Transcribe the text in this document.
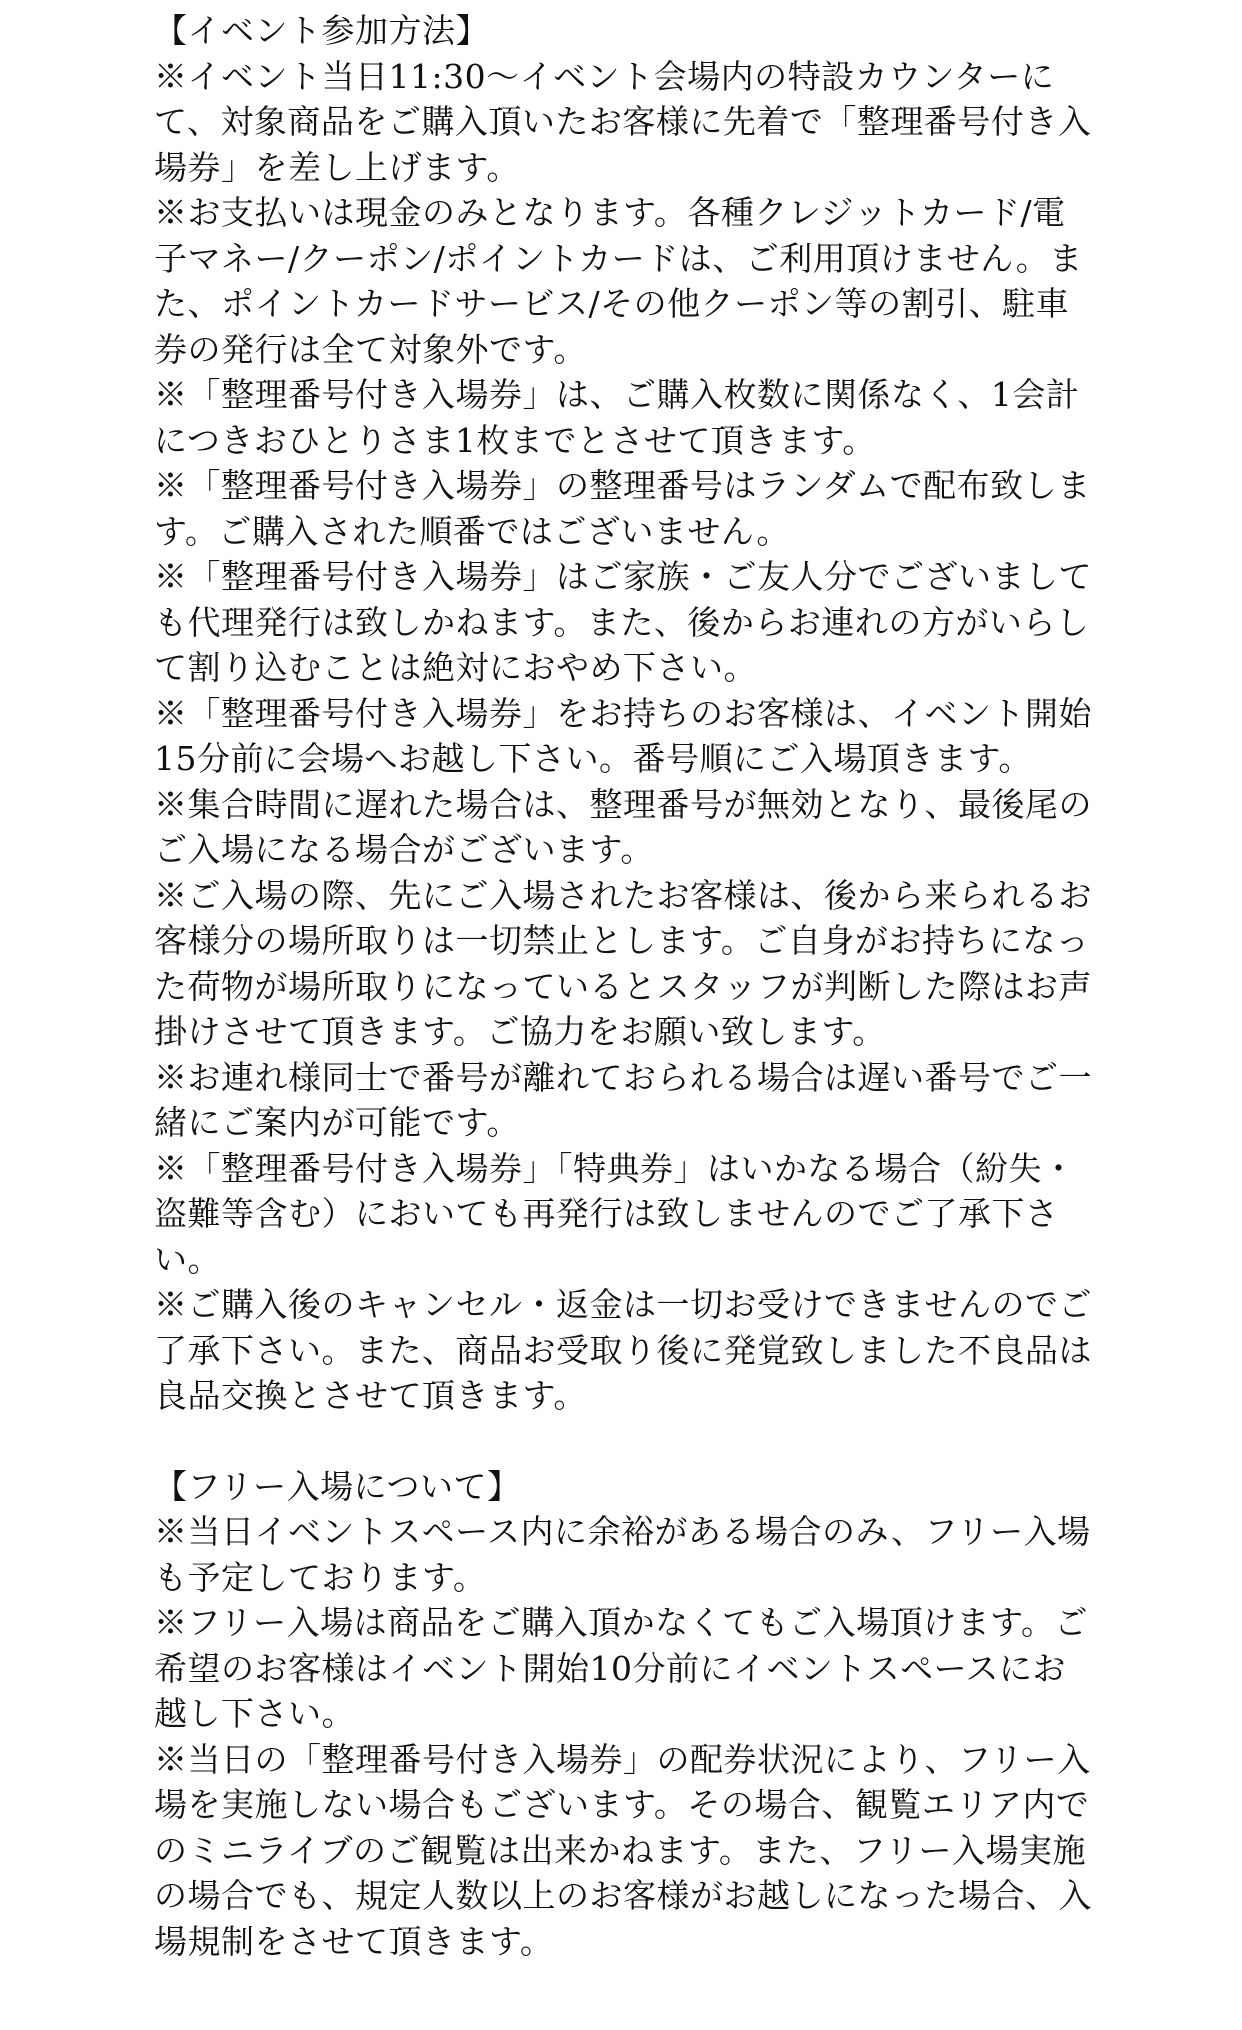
【イベント参加方法】

※イベント当日11:30〜イベント会場内の特設カウンターにて、対象商品をご購入頂いたお客様に先着で「整理番号付き入場券」を差し上げます。

※お支払いは現金のみとなります。各種クレジットカード/電子マネー/クーポン/ポイントカードは、ご利用頂けません。また、ポイントカードサービス/その他クーポン等の割引、駐車券の発行は全て対象外です。

※「整理番号付き入場券」は、ご購入枚数に関係なく、1会計につきおひとりさま1枚までとさせて頂きます。

※「整理番号付き入場券」の整理番号はランダムで配布致します。ご購入された順番ではございません。

※「整理番号付き入場券」はご家族・ご友人分でございましても代理発行は致しかねます。また、後からお連れの方がいらして割り込むことは絶対におやめ下さい。

※「整理番号付き入場券」をお持ちのお客様は、イベント開始15分前に会場へお越し下さい。番号順にご入場頂きます。

※集合時間に遅れた場合は、整理番号が無効となり、最後尾のご入場になる場合がございます。

※ご入場の際、先にご入場されたお客様は、後から来られるお客様分の場所取りは一切禁止とします。ご自身がお持ちになった荷物が場所取りになっているとスタッフが判断した際はお声掛けさせて頂きます。ご協力をお願い致します。

※お連れ様同士で番号が離れておられる場合は遅い番号でご一緒にご案内が可能です。

※「整理番号付き入場券」「特典券」はいかなる場合（紛失・盗難等含む）においても再発行は致しませんのでご了承下さい。

※ご購入後のキャンセル・返金は一切お受けできませんのでご了承下さい。また、商品お受取り後に発覚致しました不良品は良品交換とさせて頂きます。

【フリー入場について】

※当日イベントスペース内に余裕がある場合のみ、フリー入場も予定しております。

※フリー入場は商品をご購入頂かなくてもご入場頂けます。ご希望のお客様はイベント開始10分前にイベントスペースにお越し下さい。

※当日の「整理番号付き入場券」の配券状況により、フリー入場を実施しない場合もございます。その場合、観覧エリア内でのミニライブのご観覧は出来かねます。また、フリー入場実施の場合でも、規定人数以上のお客様がお越しになった場合、入場規制をさせて頂きます。
